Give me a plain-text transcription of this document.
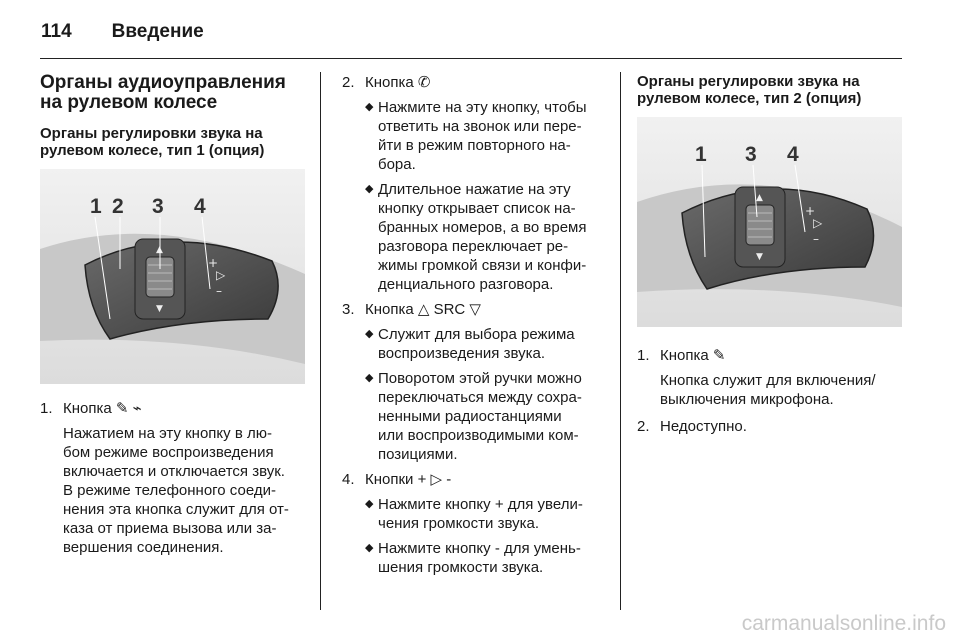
114 Введение
Органы аудиоуправления на рулевом колесе
Органы регулировки звука на рулевом колесе, тип 1 (опция)
1 2 3 4
▲
▼
+
▷
–
1. Кнопка ✎ ⌁
Нажатием на эту кнопку в лю-
бом режиме воспроизведения
включается и отключается звук.
В режиме телефонного соеди-
нения эта кнопка служит для от-
каза от приема вызова или за-
вершения соединения.
2. Кнопка ✆
◆ Нажмите на эту кнопку, чтобы
ответить на звонок или пере-
йти в режим повторного на-
бора.
◆ Длительное нажатие на эту
кнопку открывает список на-
бранных номеров, а во время
разговора переключает ре-
жимы громкой связи и конфи-
денциального разговора.
3. Кнопка △ SRC ▽
◆ Служит для выбора режима
воспроизведения звука.
◆ Поворотом этой ручки можно
переключаться между сохра-
ненными радиостанциями
или воспроизводимыми ком-
позициями.
4. Кнопки + ▷ -
◆ Нажмите кнопку + для увели-
чения громкости звука.
◆ Нажмите кнопку - для умень-
шения громкости звука.
Органы регулировки звука на рулевом колесе, тип 2 (опция)
1 3 4
▲
▼
+
▷
–
1. Кнопка ✎
Кнопка служит для включения/
выключения микрофона.
2. Недоступно.
carmanualsonline.info
